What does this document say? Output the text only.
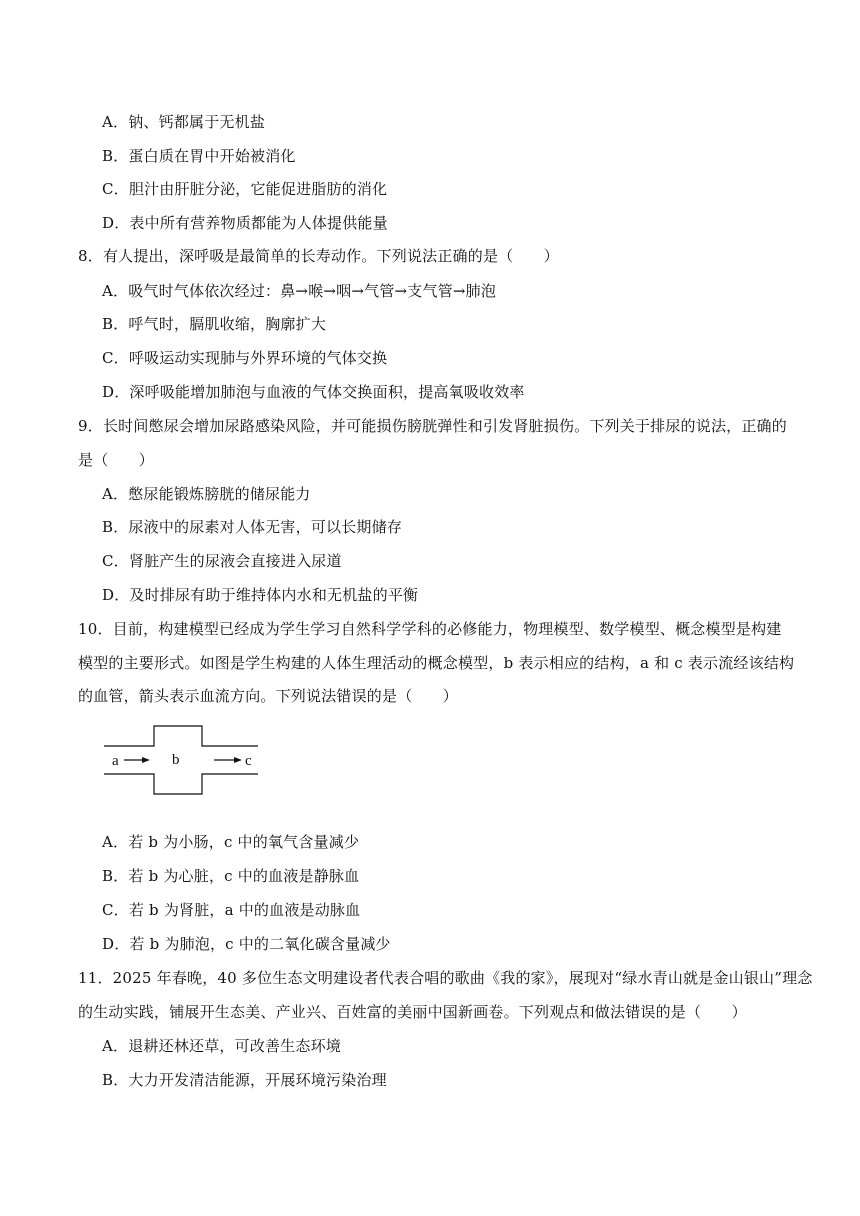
A．钠、钙都属于无机盐
B．蛋白质在胃中开始被消化
C．胆汁由肝脏分泌，它能促进脂肪的消化
D．表中所有营养物质都能为人体提供能量
8．有人提出，深呼吸是最简单的长寿动作。下列说法正确的是（　　）
A．吸气时气体依次经过：鼻→喉→咽→气管→支气管→肺泡
B．呼气时，膈肌收缩，胸廓扩大
C．呼吸运动实现肺与外界环境的气体交换
D．深呼吸能增加肺泡与血液的气体交换面积，提高氧吸收效率
9．长时间憋尿会增加尿路感染风险，并可能损伤膀胱弹性和引发肾脏损伤。下列关于排尿的说法，正确的
是（　　）
A．憋尿能锻炼膀胱的储尿能力
B．尿液中的尿素对人体无害，可以长期储存
C．肾脏产生的尿液会直接进入尿道
D．及时排尿有助于维持体内水和无机盐的平衡
10．目前，构建模型已经成为学生学习自然科学学科的必修能力，物理模型、数学模型、概念模型是构建
模型的主要形式。如图是学生构建的人体生理活动的概念模型，b 表示相应的结构，a 和 c 表示流经该结构
的血管，箭头表示血流方向。下列说法错误的是（　　）
a	b	c
A．若 b 为小肠，c 中的氧气含量减少
B．若 b 为心脏，c 中的血液是静脉血
C．若 b 为肾脏，a 中的血液是动脉血
D．若 b 为肺泡，c 中的二氧化碳含量减少
11．2025 年春晚，40 多位生态文明建设者代表合唱的歌曲《我的家》，展现对“绿水青山就是金山银山”理念
的生动实践，铺展开生态美、产业兴、百姓富的美丽中国新画卷。下列观点和做法错误的是（　　）
A．退耕还林还草，可改善生态环境
B．大力开发清洁能源，开展环境污染治理
